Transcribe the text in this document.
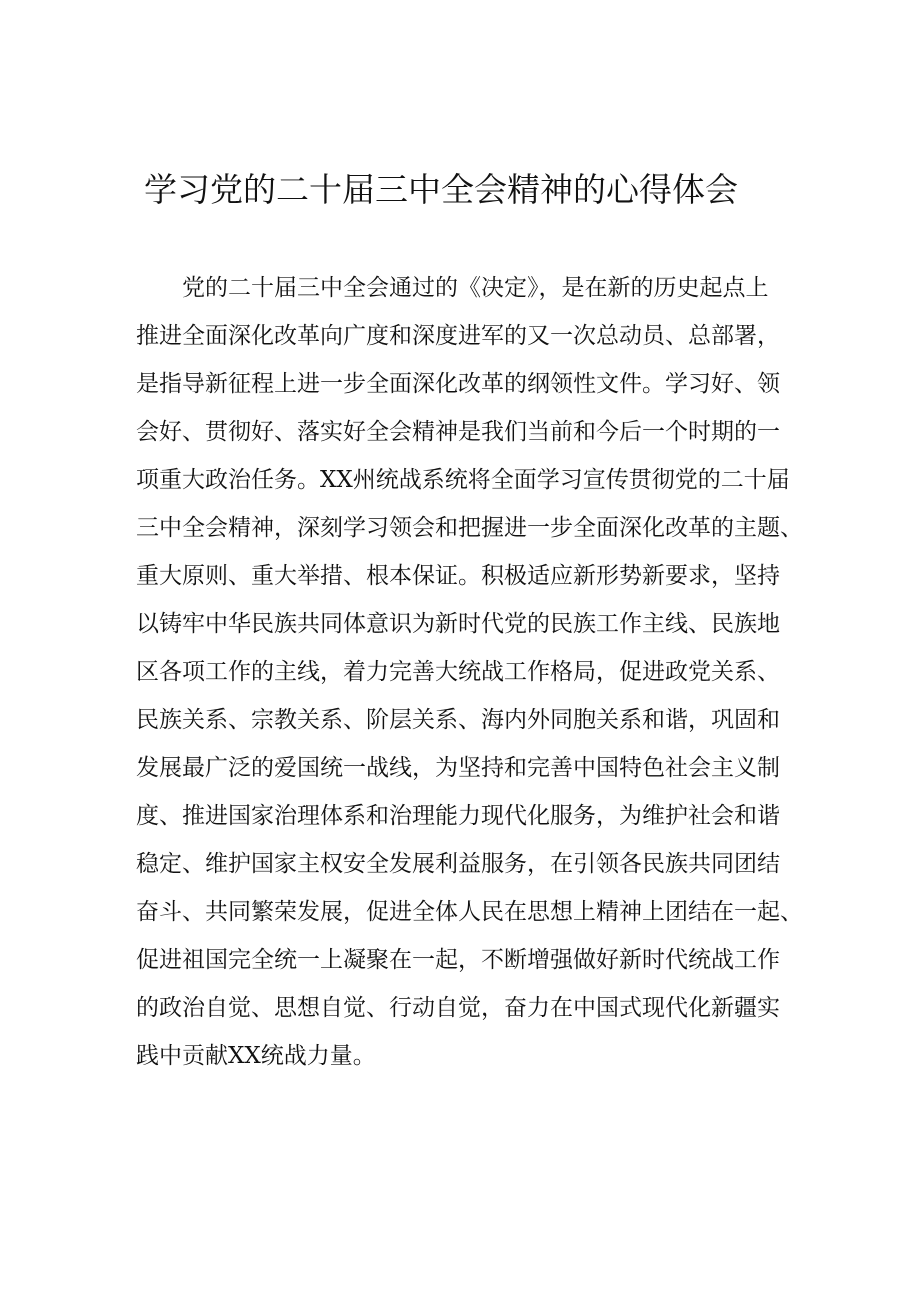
学习党的二十届三中全会精神的心得体会
党的二十届三中全会通过的《决定》，是在新的历史起点上
推进全面深化改革向广度和深度进军的又一次总动员、总部署，
是指导新征程上进一步全面深化改革的纲领性文件。学习好、领
会好、贯彻好、落实好全会精神是我们当前和今后一个时期的一
项重大政治任务。XX州统战系统将全面学习宣传贯彻党的二十届
三中全会精神，深刻学习领会和把握进一步全面深化改革的主题、
重大原则、重大举措、根本保证。积极适应新形势新要求，坚持
以铸牢中华民族共同体意识为新时代党的民族工作主线、民族地
区各项工作的主线，着力完善大统战工作格局，促进政党关系、
民族关系、宗教关系、阶层关系、海内外同胞关系和谐，巩固和
发展最广泛的爱国统一战线，为坚持和完善中国特色社会主义制
度、推进国家治理体系和治理能力现代化服务，为维护社会和谐
稳定、维护国家主权安全发展利益服务，在引领各民族共同团结
奋斗、共同繁荣发展，促进全体人民在思想上精神上团结在一起、
促进祖国完全统一上凝聚在一起，不断增强做好新时代统战工作
的政治自觉、思想自觉、行动自觉，奋力在中国式现代化新疆实
践中贡献XX统战力量。
